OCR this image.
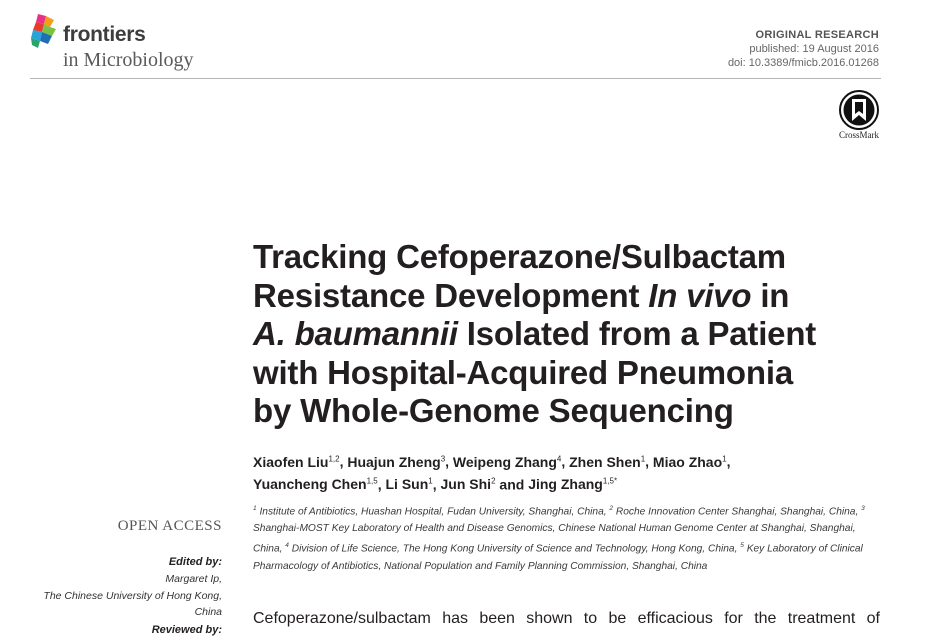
frontiers
in Microbiology
ORIGINAL RESEARCH
published: 19 August 2016
doi: 10.3389/fmicb.2016.01268
CrossMark
Tracking Cefoperazone/Sulbactam
Resistance Development In vivo in
A. baumannii Isolated from a Patient
with Hospital-Acquired Pneumonia
by Whole-Genome Sequencing
Xiaofen Liu$^{1,2}$, Huajun Zheng$^3$, Weipeng Zhang$^4$, Zhen Shen$^1$, Miao Zhao$^1$,
Yuancheng Chen$^{1,5}$, Li Sun$^1$, Jun Shi$^2$ and Jing Zhang$^{1,5*}$
$^1$ Institute of Antibiotics, Huashan Hospital, Fudan University, Shanghai, China, $^2$ Roche Innovation Center Shanghai, Shanghai, China, $^3$ Shanghai-MOST Key Laboratory of Health and Disease Genomics, Chinese National Human Genome Center at Shanghai, Shanghai, China, $^4$ Division of Life Science, The Hong Kong University of Science and Technology, Hong Kong, China, $^5$ Key Laboratory of Clinical Pharmacology of Antibiotics, National Population and Family Planning Commission, Shanghai, China
OPEN ACCESS
Edited by:
Margaret Ip,
The Chinese University of Hong Kong,
China
Reviewed by:
Cefoperazone/sulbactam has been shown to be efficacious for the treatment of
